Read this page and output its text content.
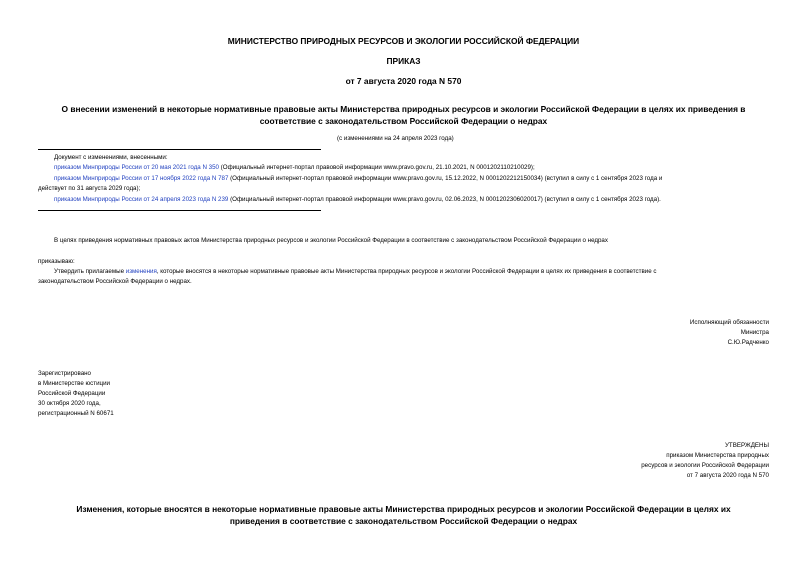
МИНИСТЕРСТВО ПРИРОДНЫХ РЕСУРСОВ И ЭКОЛОГИИ РОССИЙСКОЙ ФЕДЕРАЦИИ
ПРИКАЗ
от 7 августа 2020 года N 570
О внесении изменений в некоторые нормативные правовые акты Министерства природных ресурсов и экологии Российской Федерации в целях их приведения в
соответствие с законодательством Российской Федерации о недрах
(с изменениями на 24 апреля 2023 года)
Документ с изменениями, внесенными:
приказом Минприроды России от 20 мая 2021 года N 350 (Официальный интернет-портал правовой информации www.pravo.gov.ru, 21.10.2021, N 0001202110210029);
приказом Минприроды России от 17 ноября 2022 года N 787 (Официальный интернет-портал правовой информации www.pravo.gov.ru, 15.12.2022, N 0001202212150034) (вступил в силу с 1 сентября 2023 года и
действует по 31 августа 2029 года);
приказом Минприроды России от 24 апреля 2023 года N 239 (Официальный интернет-портал правовой информации www.pravo.gov.ru, 02.06.2023, N 0001202306020017) (вступил в силу с 1 сентября 2023 года).
В целях приведения нормативных правовых актов Министерства природных ресурсов и экологии Российской Федерации в соответствие с законодательством Российской Федерации о недрах
приказываю:
Утвердить прилагаемые изменения, которые вносятся в некоторые нормативные правовые акты Министерства природных ресурсов и экологии Российской Федерации в целях их приведения в соответствие с
законодательством Российской Федерации о недрах.
Исполняющий обязанности
Министра
С.Ю.Радченко
Зарегистрировано
в Министерстве юстиции
Российской Федерации
30 октября 2020 года,
регистрационный N 60671
УТВЕРЖДЕНЫ
приказом Министерства природных
ресурсов и экологии Российской Федерации
от 7 августа 2020 года N 570
Изменения, которые вносятся в некоторые нормативные правовые акты Министерства природных ресурсов и экологии Российской Федерации в целях их
приведения в соответствие с законодательством Российской Федерации о недрах
